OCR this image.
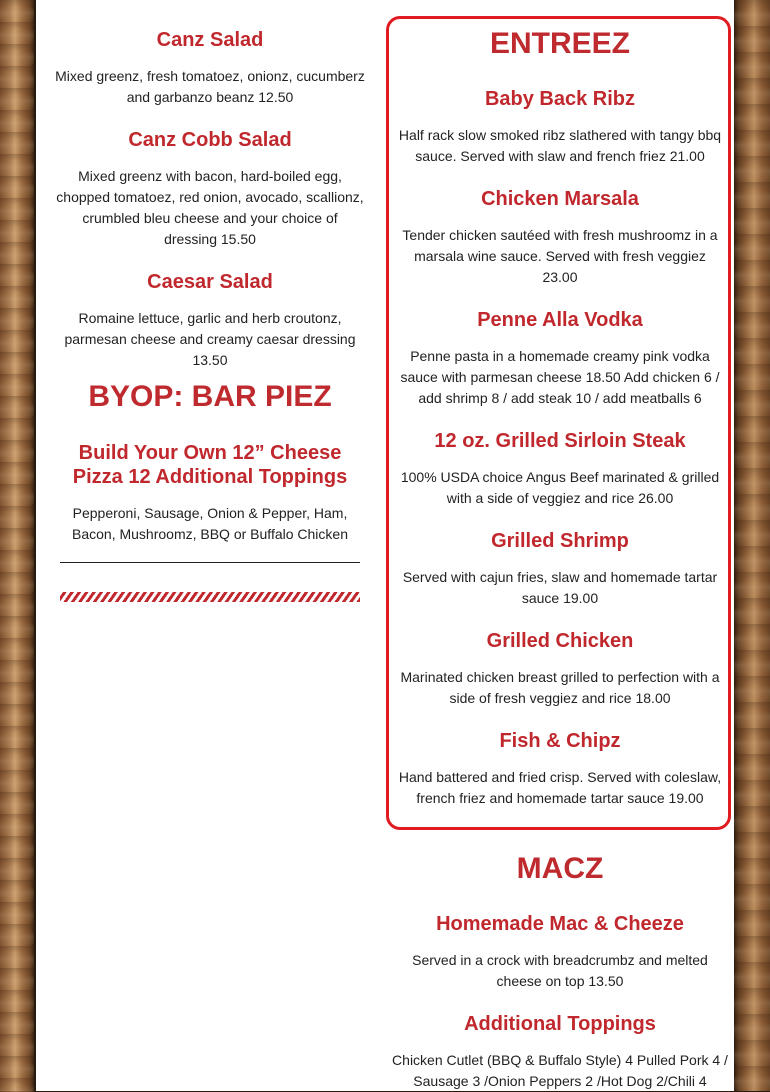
Canz Salad

Mixed greenz, fresh tomatoez, onionz, cucumberz and garbanzo beanz 12.50

Canz Cobb Salad

Mixed greenz with bacon, hard-boiled egg, chopped tomatoez, red onion, avocado, scallionz, crumbled bleu cheese and your choice of dressing 15.50

Caesar Salad

Romaine lettuce, garlic and herb croutonz, parmesan cheese and creamy caesar dressing 13.50

BYOP: BAR PIEZ
Build Your Own 12” Cheese Pizza 12 Additional Toppings

Pepperoni, Sausage, Onion & Pepper, Ham, Bacon, Mushroomz, BBQ or Buffalo Chicken

ENTREEZ
Baby Back Ribz

Half rack slow smoked ribz slathered with tangy bbq sauce. Served with slaw and french friez 21.00

Chicken Marsala

Tender chicken sautéed with fresh mushroomz in a marsala wine sauce. Served with fresh veggiez 23.00

Penne Alla Vodka

Penne pasta in a homemade creamy pink vodka sauce with parmesan cheese 18.50 Add chicken 6 / add shrimp 8 / add steak 10 / add meatballs 6

12 oz. Grilled Sirloin Steak

100% USDA choice Angus Beef marinated & grilled with a side of veggiez and rice 26.00

Grilled Shrimp

Served with cajun fries, slaw and homemade tartar sauce 19.00

Grilled Chicken

Marinated chicken breast grilled to perfection with a side of fresh veggiez and rice 18.00

Fish & Chipz

Hand battered and fried crisp. Served with coleslaw, french friez and homemade tartar sauce 19.00

MACZ
Homemade Mac & Cheeze

Served in a crock with breadcrumbz and melted cheese on top 13.50

Additional Toppings

Chicken Cutlet (BBQ & Buffalo Style) 4 Pulled Pork 4 / Sausage 3 /Onion Peppers 2 /Hot Dog 2/Chili 4
